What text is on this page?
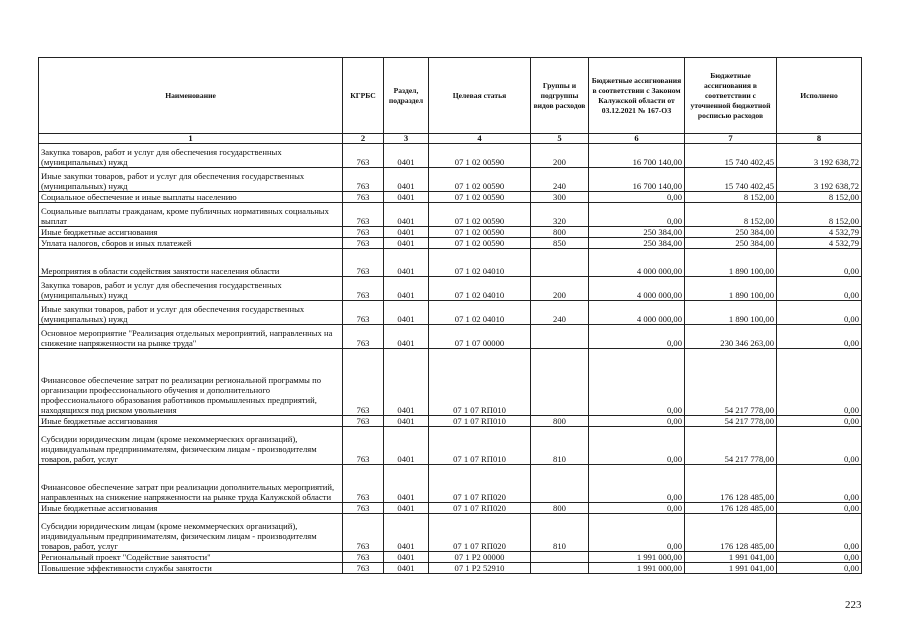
Наименование	КГРБС	Раздел, подраздел	Целевая статья	Группы и подгруппы видов расходов	Бюджетные ассигнования в соответствии с Законом Калужской области от 03.12.2021 № 167-ОЗ	Бюджетные ассигнования в соответствии с уточненной бюджетной росписью расходов	Исполнено
1	2	3	4	5	6	7	8
Закупка товаров, работ и услуг для обеспечения государственных (муниципальных) нужд	763	0401	07 1 02 00590	200	16 700 140,00	15 740 402,45	3 192 638,72
Иные закупки товаров, работ и услуг для обеспечения государственных (муниципальных) нужд	763	0401	07 1 02 00590	240	16 700 140,00	15 740 402,45	3 192 638,72
Социальное обеспечение и иные выплаты населению	763	0401	07 1 02 00590	300	0,00	8 152,00	8 152,00
Социальные выплаты гражданам, кроме публичных нормативных социальных выплат	763	0401	07 1 02 00590	320	0,00	8 152,00	8 152,00
Иные бюджетные ассигнования	763	0401	07 1 02 00590	800	250 384,00	250 384,00	4 532,79
Уплата налогов, сборов и иных платежей	763	0401	07 1 02 00590	850	250 384,00	250 384,00	4 532,79
Мероприятия в области содействия занятости населения области	763	0401	07 1 02 04010		4 000 000,00	1 890 100,00	0,00
Закупка товаров, работ и услуг для обеспечения государственных (муниципальных) нужд	763	0401	07 1 02 04010	200	4 000 000,00	1 890 100,00	0,00
Иные закупки товаров, работ и услуг для обеспечения государственных (муниципальных) нужд	763	0401	07 1 02 04010	240	4 000 000,00	1 890 100,00	0,00
Основное мероприятие "Реализация отдельных мероприятий, направленных на снижение напряженности на рынке труда"	763	0401	07 1 07 00000		0,00	230 346 263,00	0,00
Финансовое обеспечение затрат по реализации региональной программы по организации профессионального обучения и дополнительного профессионального образования работников промышленных предприятий, находящихся под риском увольнения	763	0401	07 1 07 RП010		0,00	54 217 778,00	0,00
Иные бюджетные ассигнования	763	0401	07 1 07 RП010	800	0,00	54 217 778,00	0,00
Субсидии юридическим лицам (кроме некоммерческих организаций), индивидуальным предпринимателям, физическим лицам - производителям товаров, работ, услуг	763	0401	07 1 07 RП010	810	0,00	54 217 778,00	0,00
Финансовое обеспечение затрат при реализации дополнительных мероприятий, направленных на снижение напряженности на рынке труда Калужской области	763	0401	07 1 07 RП020		0,00	176 128 485,00	0,00
Иные бюджетные ассигнования	763	0401	07 1 07 RП020	800	0,00	176 128 485,00	0,00
Субсидии юридическим лицам (кроме некоммерческих организаций), индивидуальным предпринимателям, физическим лицам - производителям товаров, работ, услуг	763	0401	07 1 07 RП020	810	0,00	176 128 485,00	0,00
Региональный проект "Содействие занятости"	763	0401	07 1 P2 00000		1 991 000,00	1 991 041,00	0,00
Повышение эффективности службы занятости	763	0401	07 1 P2 52910		1 991 000,00	1 991 041,00	0,00
223
